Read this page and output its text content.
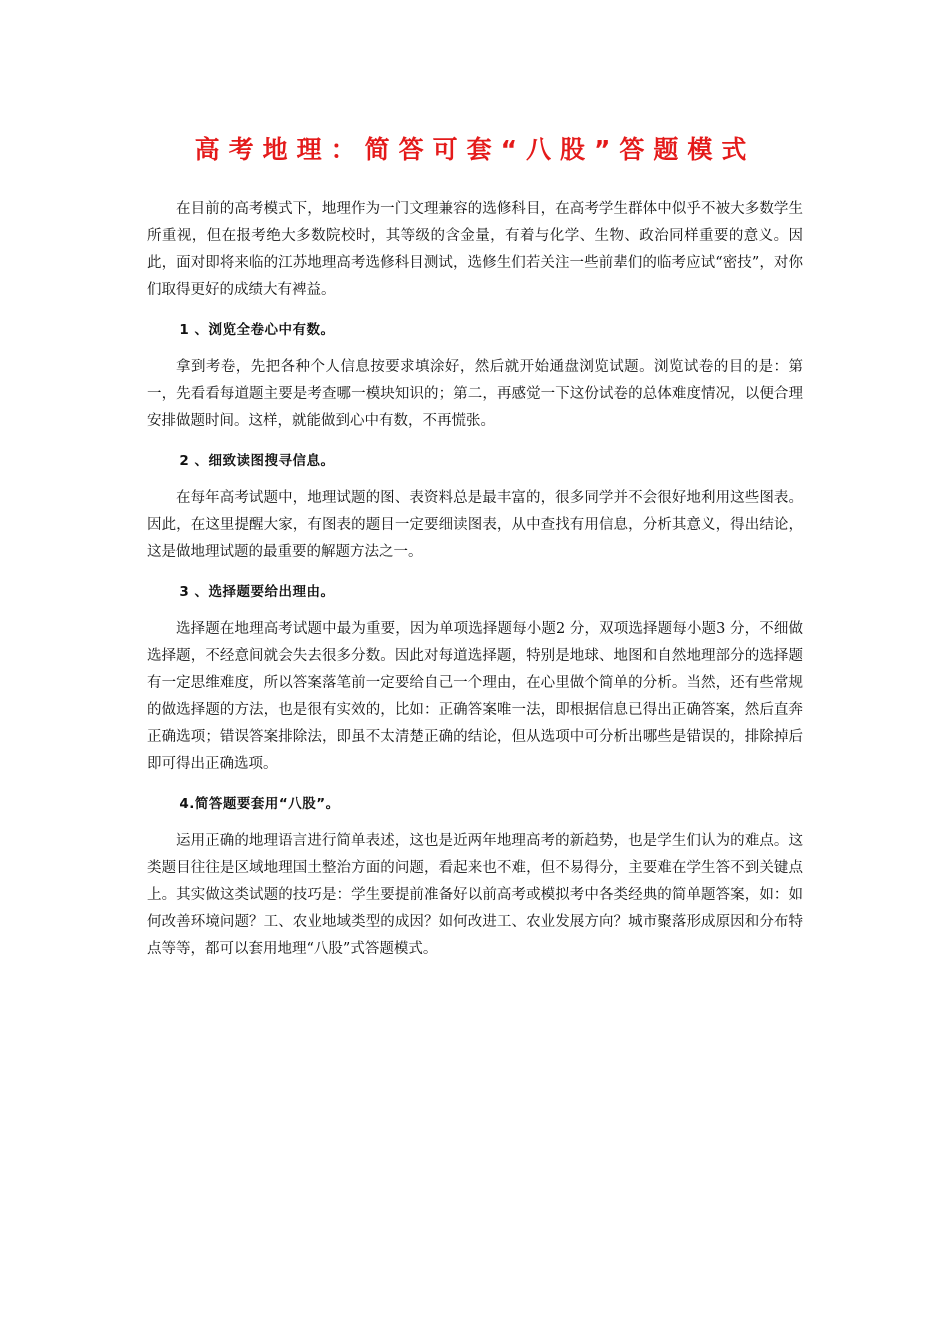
高考地理：简答可套“八股”答题模式

在目前的高考模式下，地理作为一门文理兼容的选修科目，在高考学生群体中似乎不被大多数学生所重视，但在报考绝大多数院校时，其等级的含金量，有着与化学、生物、政治同样重要的意义。因此，面对即将来临的江苏地理高考选修科目测试，选修生们若关注一些前辈们的临考应试“密技”，对你们取得更好的成绩大有裨益。

1 、浏览全卷心中有数。

拿到考卷，先把各种个人信息按要求填涂好，然后就开始通盘浏览试题。浏览试卷的目的是：第一，先看看每道题主要是考查哪一模块知识的；第二，再感觉一下这份试卷的总体难度情况，以便合理安排做题时间。这样，就能做到心中有数，不再慌张。

2 、细致读图搜寻信息。

在每年高考试题中，地理试题的图、表资料总是最丰富的，很多同学并不会很好地利用这些图表。因此，在这里提醒大家，有图表的题目一定要细读图表，从中查找有用信息，分析其意义，得出结论，这是做地理试题的最重要的解题方法之一。

3 、选择题要给出理由。

选择题在地理高考试题中最为重要，因为单项选择题每小题2 分，双项选择题每小题3 分，不细做选择题，不经意间就会失去很多分数。因此对每道选择题，特别是地球、地图和自然地理部分的选择题有一定思维难度，所以答案落笔前一定要给自己一个理由，在心里做个简单的分析。当然，还有些常规的做选择题的方法，也是很有实效的，比如：正确答案唯一法，即根据信息已得出正确答案，然后直奔正确选项；错误答案排除法，即虽不太清楚正确的结论，但从选项中可分析出哪些是错误的，排除掉后即可得出正确选项。

4.简答题要套用“八股”。

运用正确的地理语言进行简单表述，这也是近两年地理高考的新趋势，也是学生们认为的难点。这类题目往往是区域地理国土整治方面的问题，看起来也不难，但不易得分，主要难在学生答不到关键点上。其实做这类试题的技巧是：学生要提前准备好以前高考或模拟考中各类经典的简单题答案，如：如何改善环境问题？工、农业地域类型的成因？如何改进工、农业发展方向？城市聚落形成原因和分布特点等等，都可以套用地理“八股”式答题模式。
